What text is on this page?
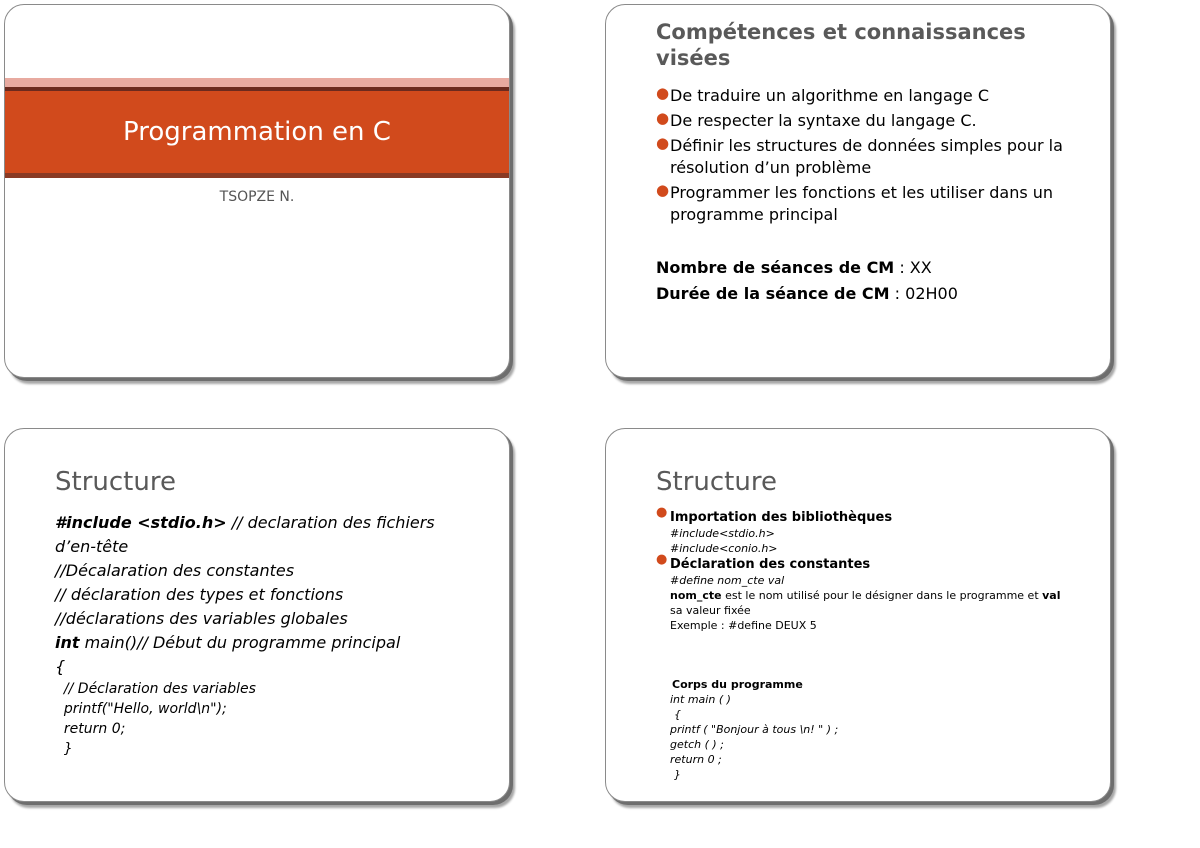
Programmation en C
TSOPZE N.
Compétences et connaissances visées
● De traduire un algorithme en langage C
● De respecter la syntaxe du langage C.
● Définir les structures de données simples pour la résolution d’un problème
● Programmer les fonctions et les utiliser dans un programme principal
Nombre de séances de CM : XX
Durée de la séance de CM : 02H00
Structure
#include <stdio.h> // declaration des fichiers d’en-tête
//Décalaration des constantes
// déclaration des types et fonctions
//déclarations des variables globales
int main()// Début du programme principal
{
// Déclaration des variables
printf("Hello, world\n");
return 0;
}
Structure
● Importation des bibliothèques
#include<stdio.h>
#include<conio.h>
● Déclaration des constantes
#define nom_cte val
nom_cte est le nom utilisé pour le désigner dans le programme et val sa valeur fixée
Exemple : #define DEUX 5
Corps du programme
int main ( )
{
printf ( "Bonjour à tous \n! " ) ;
getch ( ) ;
return 0 ;
}
